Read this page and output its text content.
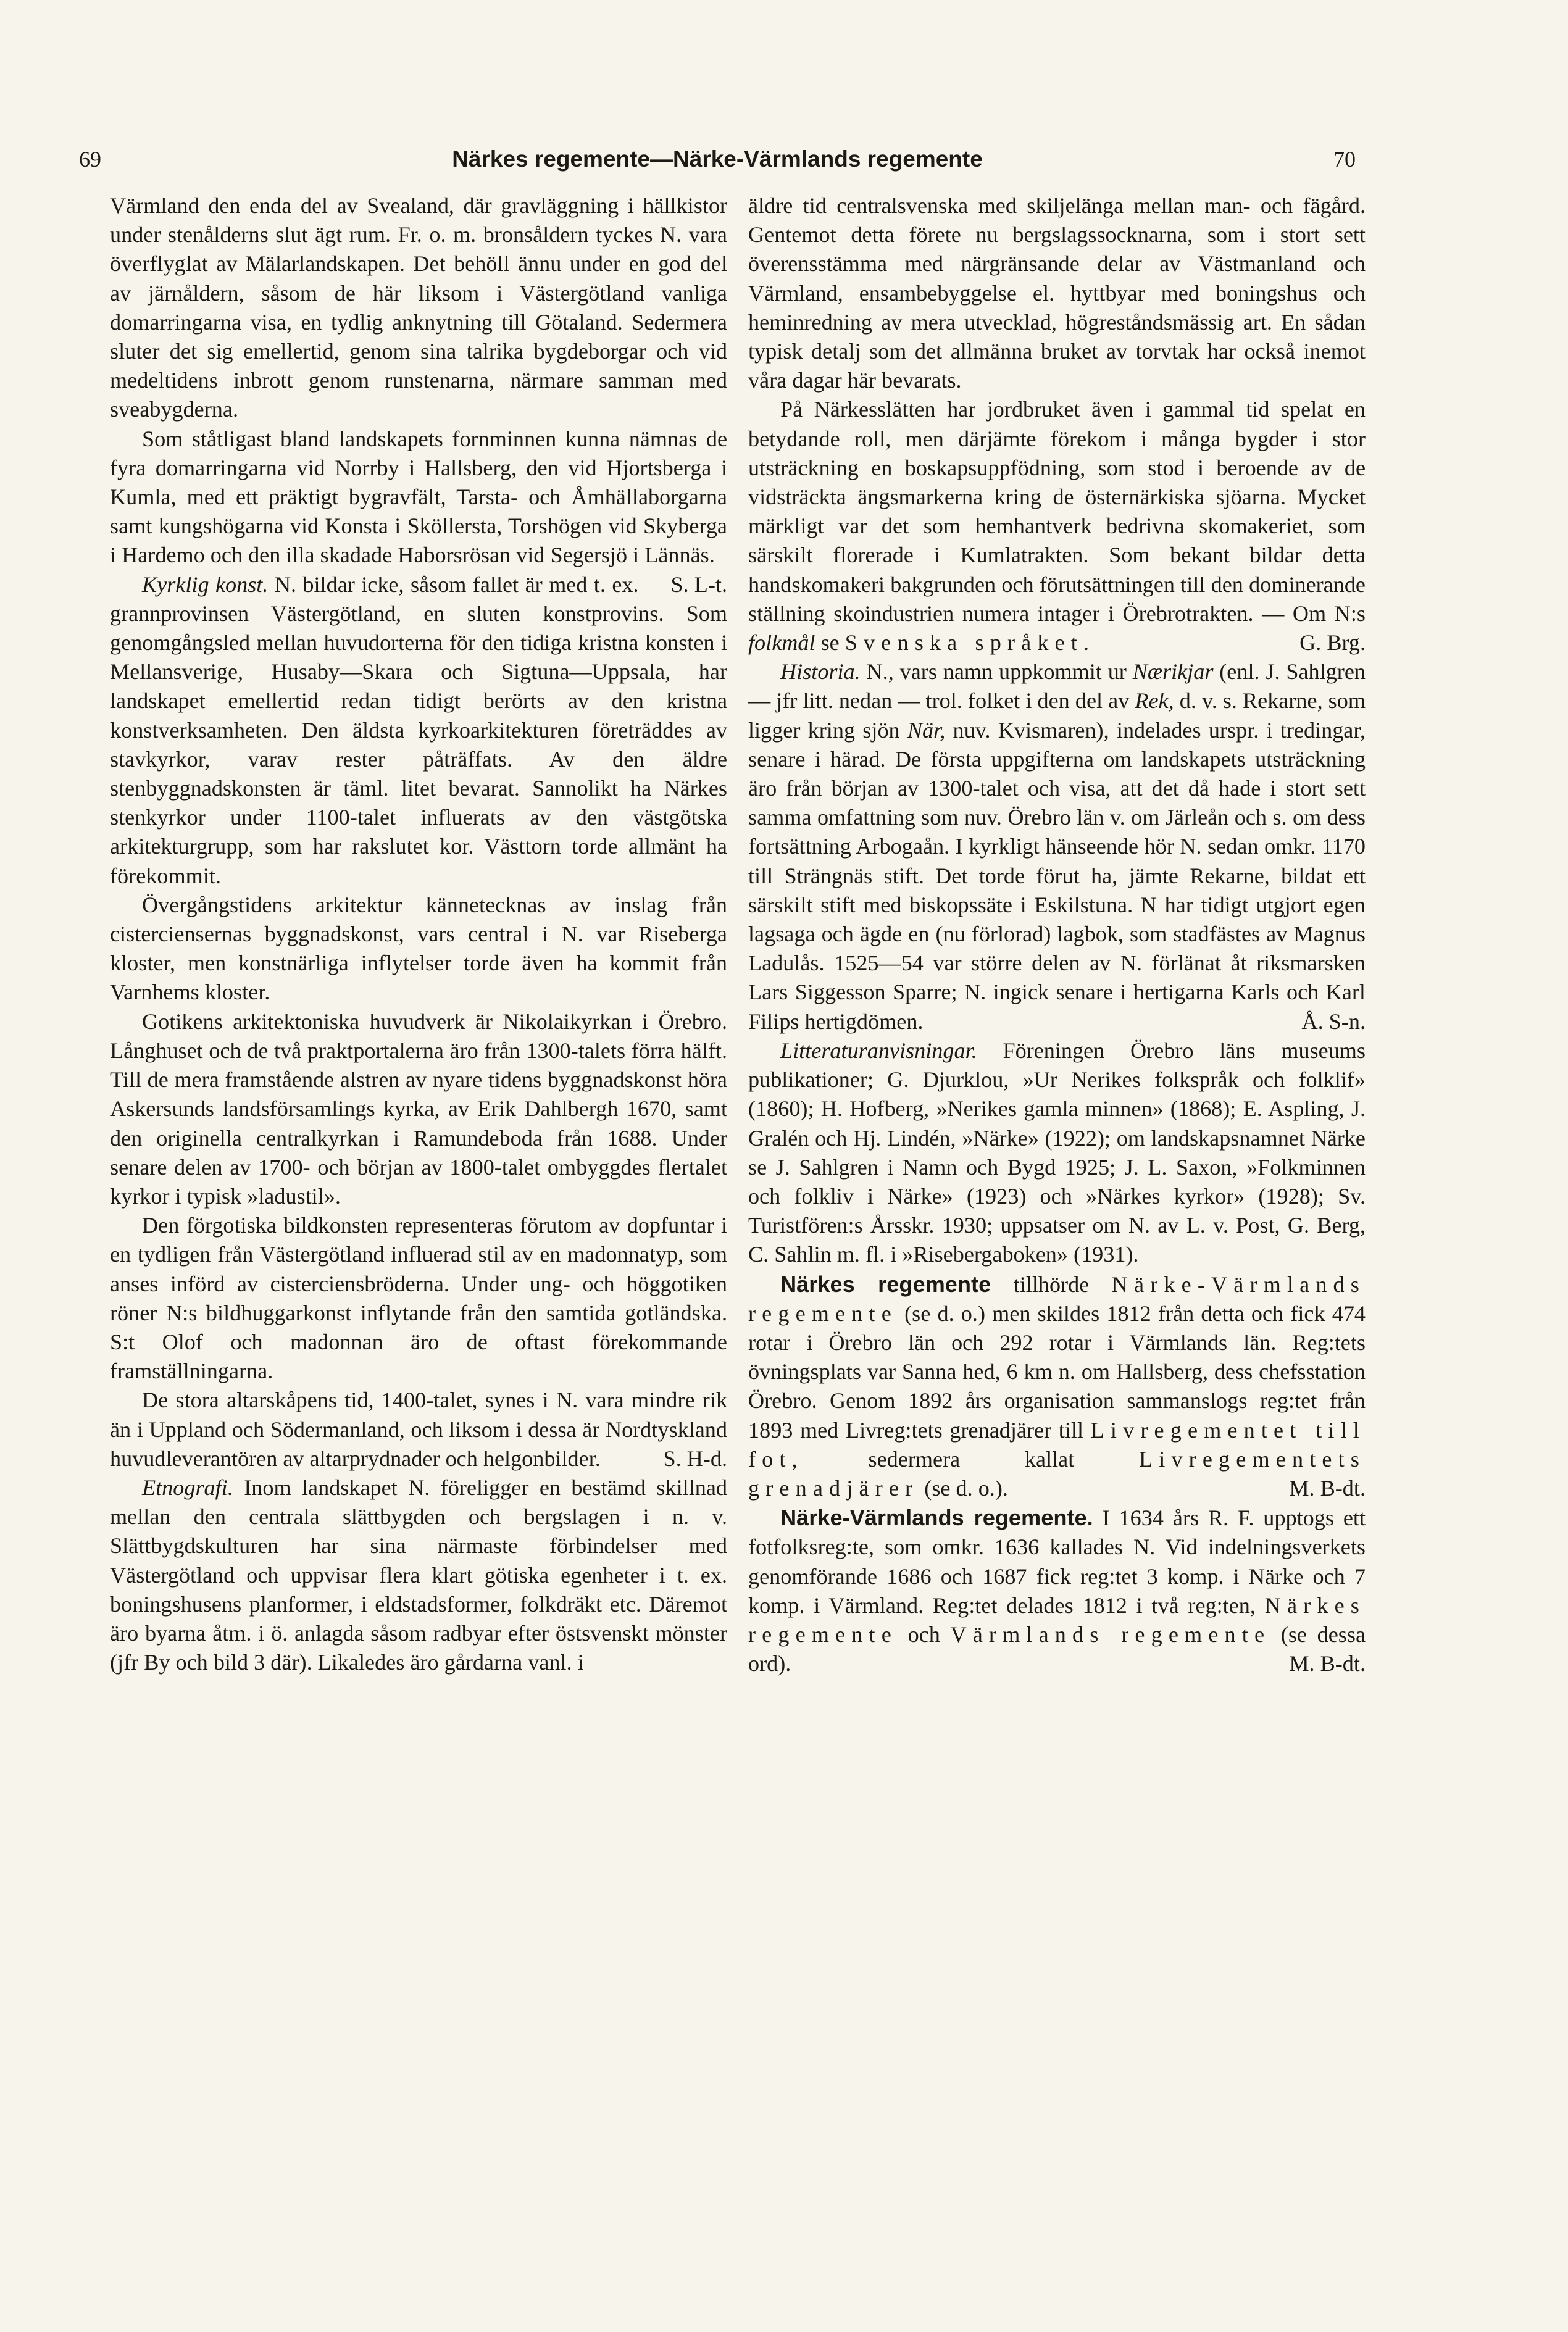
69	Närkes regemente—Närke-Värmlands regemente	70

Värmland den enda del av Svealand, där gravläggning i hällkistor under stenålderns slut ägt rum. Fr. o. m. bronsåldern tyckes N. vara överflyglat av Mälarlandskapen. Det behöll ännu under en god del av järnåldern, såsom de här liksom i Västergötland vanliga domarringarna visa, en tydlig anknytning till Götaland. Sedermera sluter det sig emellertid, genom sina talrika bygdeborgar och vid medeltidens inbrott genom runstenarna, närmare samman med sveabygderna.

Som ståtligast bland landskapets fornminnen kunna nämnas de fyra domarringarna vid Norrby i Hallsberg, den vid Hjortsberga i Kumla, med ett präktigt bygravfält, Tarsta- och Åmhällaborgarna samt kungshögarna vid Konsta i Sköllersta, Torshögen vid Skyberga i Hardemo och den illa skadade Haborsrösan vid Segersjö i Lännäs.
S. L-t.

Kyrklig konst. N. bildar icke, såsom fallet är med t. ex. grannprovinsen Västergötland, en sluten konstprovins. Som genomgångsled mellan huvudorterna för den tidiga kristna konsten i Mellansverige, Husaby—Skara och Sigtuna—Uppsala, har landskapet emellertid redan tidigt berörts av den kristna konstverksamheten. Den äldsta kyrkoarkitekturen företräddes av stavkyrkor, varav rester påträffats. Av den äldre stenbyggnadskonsten är täml. litet bevarat. Sannolikt ha Närkes stenkyrkor under 1100-talet influerats av den västgötska arkitekturgrupp, som har rakslutet kor. Västtorn torde allmänt ha förekommit.

Övergångstidens arkitektur kännetecknas av inslag från cisterciensernas byggnadskonst, vars central i N. var Riseberga kloster, men konstnärliga inflytelser torde även ha kommit från Varnhems kloster.

Gotikens arkitektoniska huvudverk är Nikolaikyrkan i Örebro. Långhuset och de två praktportalerna äro från 1300-talets förra hälft. Till de mera framstående alstren av nyare tidens byggnadskonst höra Askersunds landsförsamlings kyrka, av Erik Dahlbergh 1670, samt den originella centralkyrkan i Ramundeboda från 1688. Under senare delen av 1700- och början av 1800-talet ombyggdes flertalet kyrkor i typisk »ladustil».

Den förgotiska bildkonsten representeras förutom av dopfuntar i en tydligen från Västergötland influerad stil av en madonnatyp, som anses införd av cisterciensbröderna. Under ung- och höggotiken röner N:s bildhuggarkonst inflytande från den samtida gotländska. S:t Olof och madonnan äro de oftast förekommande framställningarna.

De stora altarskåpens tid, 1400-talet, synes i N. vara mindre rik än i Uppland och Södermanland, och liksom i dessa är Nordtyskland huvudleverantören av altarprydnader och helgonbilder.	S. H-d.

Etnografi. Inom landskapet N. föreligger en bestämd skillnad mellan den centrala slättbygden och bergslagen i n. v. Slättbygdskulturen har sina närmaste förbindelser med Västergötland och uppvisar flera klart götiska egenheter i t. ex. boningshusens planformer, i eldstadsformer, folkdräkt etc. Däremot äro byarna åtm. i ö. anlagda såsom radbyar efter östsvenskt mönster (jfr By och bild 3 där). Likaledes äro gårdarna vanl. i

äldre tid centralsvenska med skiljelänga mellan man- och fägård. Gentemot detta förete nu bergslagssocknarna, som i stort sett överensstämma med närgränsande delar av Västmanland och Värmland, ensambebyggelse el. hyttbyar med boningshus och heminredning av mera utvecklad, högreståndsmässig art. En sådan typisk detalj som det allmänna bruket av torvtak har också inemot våra dagar här bevarats.

På Närkesslätten har jordbruket även i gammal tid spelat en betydande roll, men därjämte förekom i många bygder i stor utsträckning en boskapsuppfödning, som stod i beroende av de vidsträckta ängsmarkerna kring de östernärkiska sjöarna. Mycket märkligt var det som hemhantverk bedrivna skomakeriet, som särskilt florerade i Kumlatrakten. Som bekant bildar detta handskomakeri bakgrunden och förutsättningen till den dominerande ställning skoindustrien numera intager i Örebrotrakten. — Om N:s folkmål se Svenska språket.	G. Brg.

Historia. N., vars namn uppkommit ur Nærikjar (enl. J. Sahlgren — jfr litt. nedan — trol. folket i den del av Rek, d. v. s. Rekarne, som ligger kring sjön När, nuv. Kvismaren), indelades urspr. i tredingar, senare i härad. De första uppgifterna om landskapets utsträckning äro från början av 1300-talet och visa, att det då hade i stort sett samma omfattning som nuv. Örebro län v. om Järleån och s. om dess fortsättning Arbogaån. I kyrkligt hänseende hör N. sedan omkr. 1170 till Strängnäs stift. Det torde förut ha, jämte Rekarne, bildat ett särskilt stift med biskopssäte i Eskilstuna. N har tidigt utgjort egen lagsaga och ägde en (nu förlorad) lagbok, som stadfästes av Magnus Ladulås. 1525—54 var större delen av N. förlänat åt riksmarsken Lars Siggesson Sparre; N. ingick senare i hertigarna Karls och Karl Filips hertigdömen.	Å. S-n.

Litteraturanvisningar. Föreningen Örebro läns museums publikationer; G. Djurklou, »Ur Nerikes folkspråk och folklif» (1860); H. Hofberg, »Nerikes gamla minnen» (1868); E. Aspling, J. Gralén och Hj. Lindén, »Närke» (1922); om landskapsnamnet Närke se J. Sahlgren i Namn och Bygd 1925; J. L. Saxon, »Folkminnen och folkliv i Närke» (1923) och »Närkes kyrkor» (1928); Sv. Turistfören:s Årsskr. 1930; uppsatser om N. av L. v. Post, G. Berg, C. Sahlin m. fl. i »Risebergaboken» (1931).

Närkes regemente tillhörde Närke-Värmlands regemente (se d. o.) men skildes 1812 från detta och fick 474 rotar i Örebro län och 292 rotar i Värmlands län. Reg:tets övningsplats var Sanna hed, 6 km n. om Hallsberg, dess chefsstation Örebro. Genom 1892 års organisation sammanslogs reg:tet från 1893 med Livreg:tets grenadjärer till Livregementet till fot,	sedermera kallat	Livregementets grenadjärer (se d. o.).	M. B-dt.

Närke-Värmlands regemente. I 1634 års R. F. upptogs ett fotfolksreg:te, som omkr. 1636 kallades N. Vid indelningsverkets genomförande 1686 och 1687 fick reg:tet 3 komp. i Närke och 7 komp. i Värmland. Reg:tet delades 1812 i två reg:ten, Närkes regemente och Värmlands regemente (se dessa ord).	M. B-dt.
